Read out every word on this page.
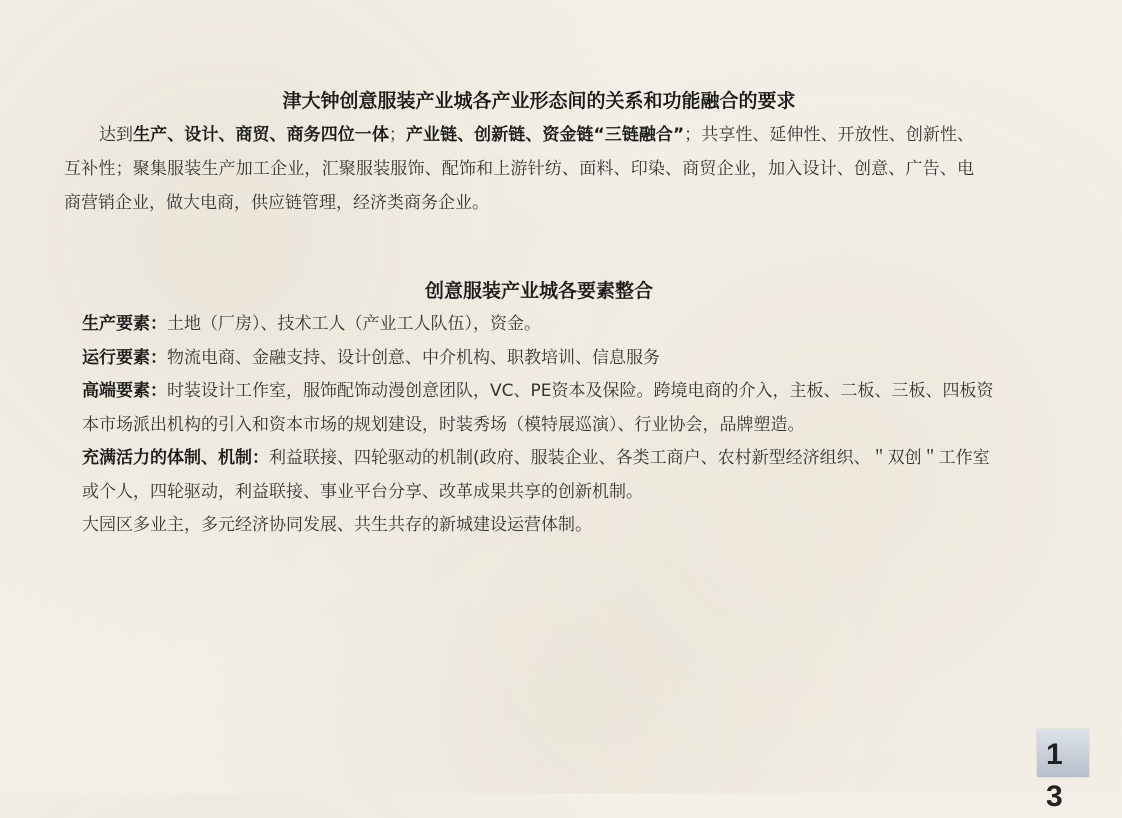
津大钟创意服装产业城各产业形态间的关系和功能融合的要求

达到生产、设计、商贸、商务四位一体；产业链、创新链、资金链“三链融合”；共享性、延伸性、开放性、创新性、互补性；聚集服装生产加工企业，汇聚服装服饰、配饰和上游针纺、面料、印染、商贸企业，加入设计、创意、广告、电商营销企业，做大电商，供应链管理，经济类商务企业。

创意服装产业城各要素整合
生产要素：土地（厂房）、技术工人（产业工人队伍），资金。
运行要素：物流电商、金融支持、设计创意、中介机构、职教培训、信息服务
高端要素：时装设计工作室，服饰配饰动漫创意团队，VC、PE资本及保险。跨境电商的介入，主板、二板、三板、四板资本市场派出机构的引入和资本市场的规划建设，时装秀场（模特展巡演）、行业协会，品牌塑造。
充满活力的体制、机制：利益联接、四轮驱动的机制(政府、服装企业、各类工商户、农村新型经济组织、＂双创＂工作室或个人，四轮驱动，利益联接、事业平台分享、改革成果共享的创新机制。
大园区多业主，多元经济协同发展、共生共存的新城建设运营体制。
13
